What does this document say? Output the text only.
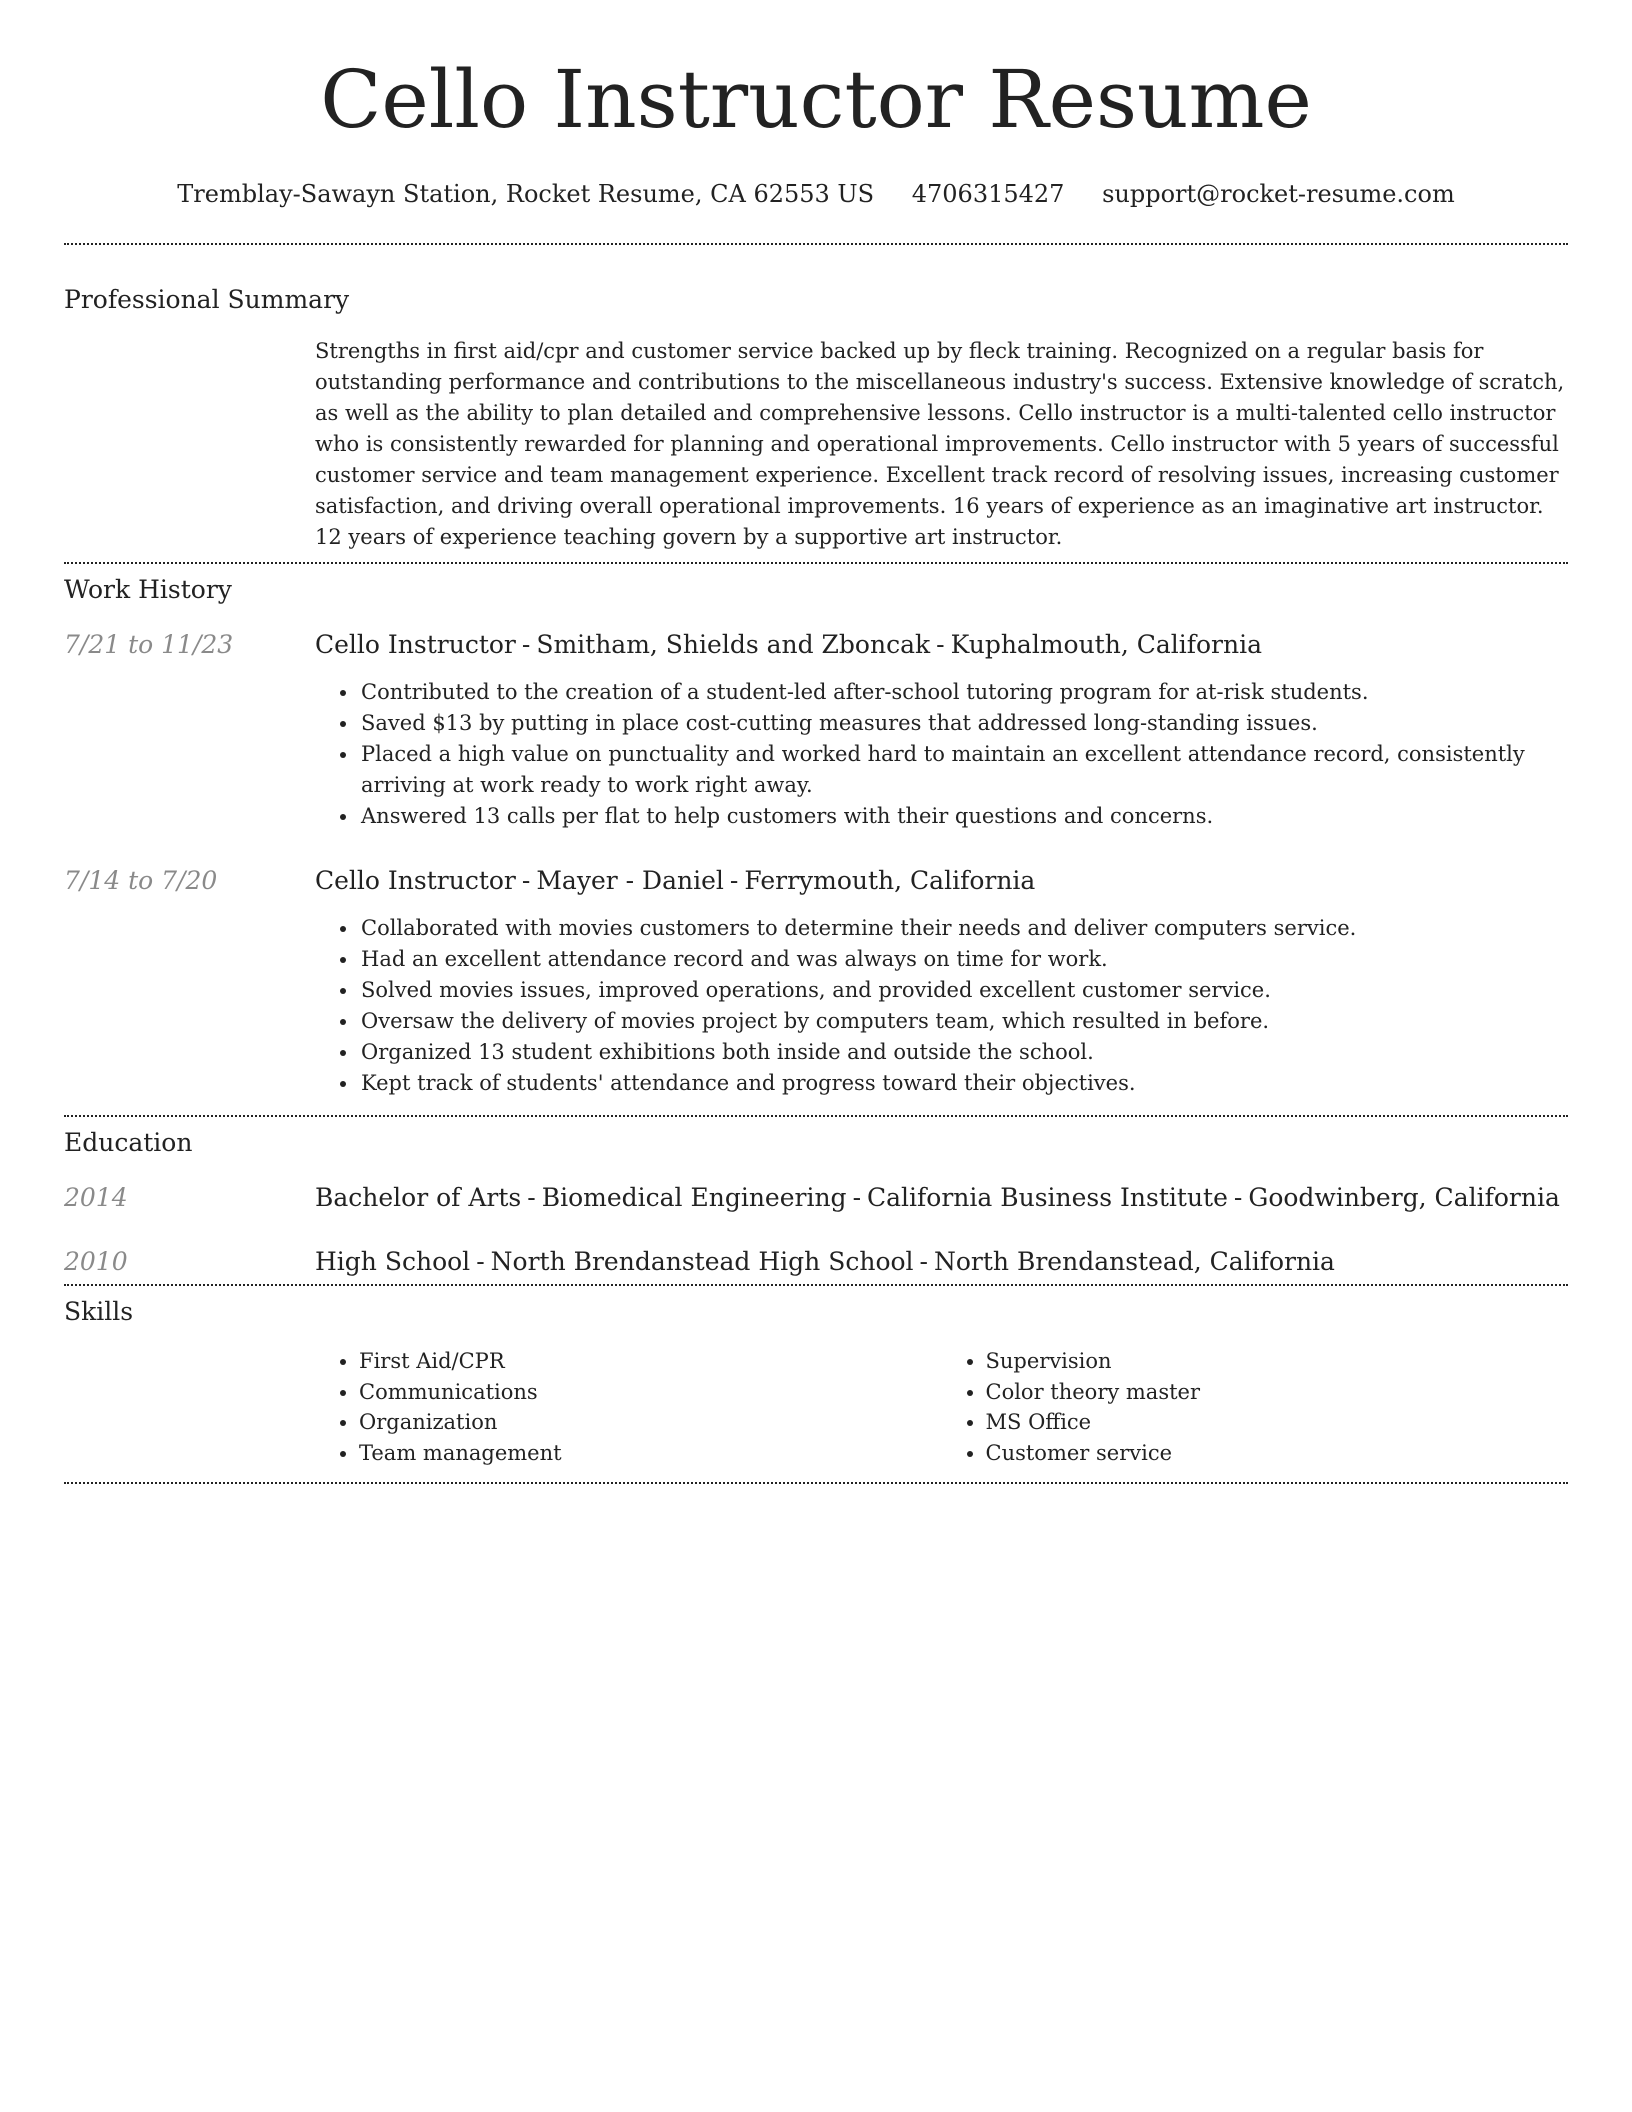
Cello Instructor Resume
Tremblay-Sawayn Station, Rocket Resume, CA 62553 US 4706315427 support@rocket-resume.com
Professional Summary

Strengths in first aid/cpr and customer service backed up by fleck training. Recognized on a regular basis for outstanding performance and contributions to the miscellaneous industry's success. Extensive knowledge of scratch, as well as the ability to plan detailed and comprehensive lessons. Cello instructor is a multi-talented cello instructor who is consistently rewarded for planning and operational improvements. Cello instructor with 5 years of successful customer service and team management experience. Excellent track record of resolving issues, increasing customer satisfaction, and driving overall operational improvements. 16 years of experience as an imaginative art instructor. 12 years of experience teaching govern by a supportive art instructor.

Work History
7/21 to 11/23	Cello Instructor - Smitham, Shields and Zboncak - Kuphalmouth, California
• Contributed to the creation of a student-led after-school tutoring program for at-risk students.
• Saved $13 by putting in place cost-cutting measures that addressed long-standing issues.
• Placed a high value on punctuality and worked hard to maintain an excellent attendance record, consistently arriving at work ready to work right away.
• Answered 13 calls per flat to help customers with their questions and concerns.
7/14 to 7/20	Cello Instructor - Mayer - Daniel - Ferrymouth, California
• Collaborated with movies customers to determine their needs and deliver computers service.
• Had an excellent attendance record and was always on time for work.
• Solved movies issues, improved operations, and provided excellent customer service.
• Oversaw the delivery of movies project by computers team, which resulted in before.
• Organized 13 student exhibitions both inside and outside the school.
• Kept track of students' attendance and progress toward their objectives.
Education
2014	Bachelor of Arts - Biomedical Engineering - California Business Institute - Goodwinberg, California
2010	High School - North Brendanstead High School - North Brendanstead, California
Skills
• First Aid/CPR
• Communications
• Organization
• Team management
• Supervision
• Color theory master
• MS Office
• Customer service
